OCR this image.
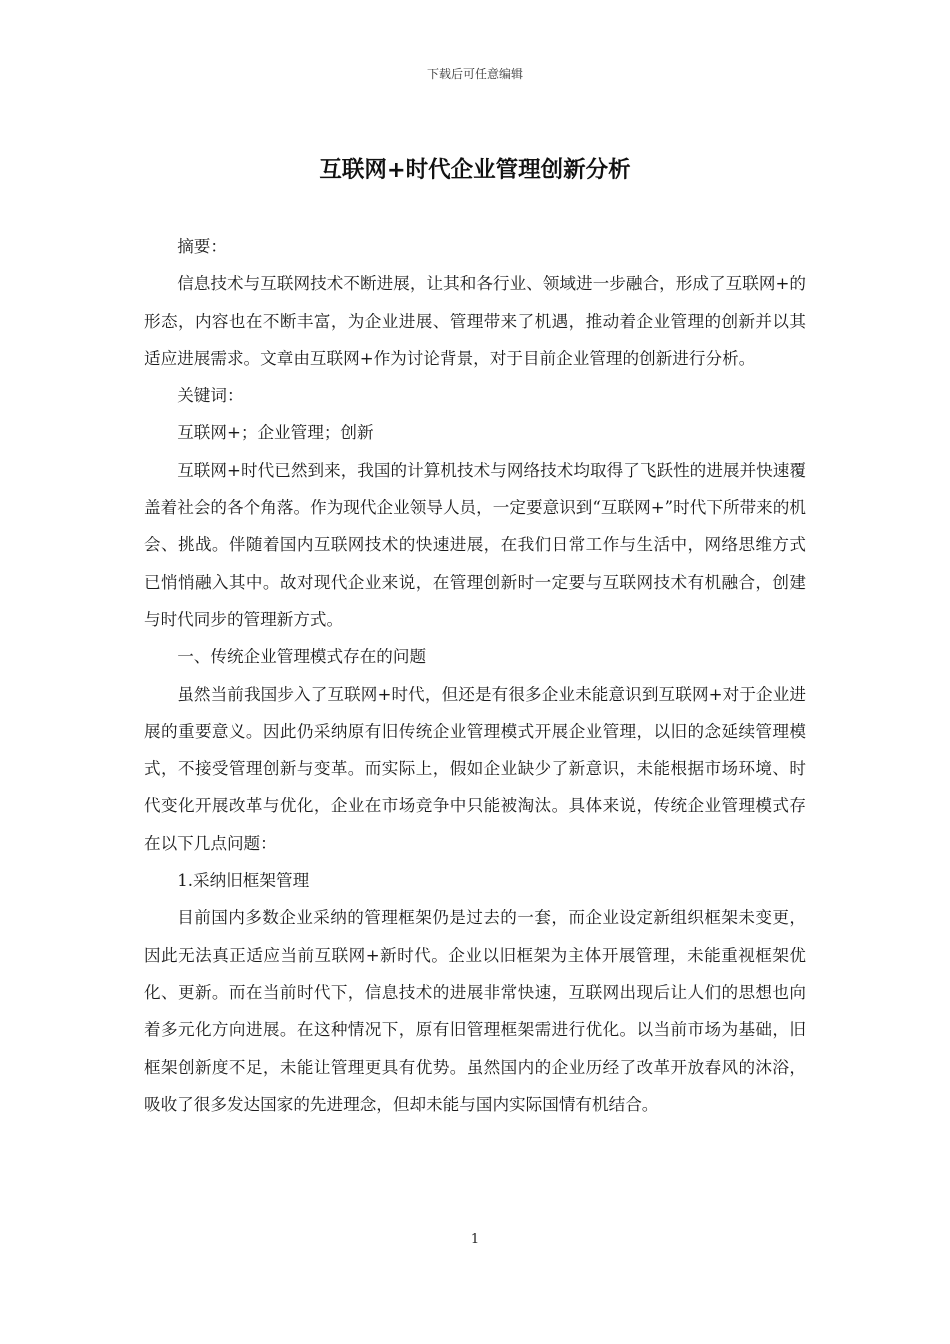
下载后可任意编辑
互联网+时代企业管理创新分析

摘要：

信息技术与互联网技术不断进展，让其和各行业、领域进一步融合，形成了互联网+的形态，内容也在不断丰富，为企业进展、管理带来了机遇，推动着企业管理的创新并以其适应进展需求。文章由互联网+作为讨论背景，对于目前企业管理的创新进行分析。

关键词：

互联网+；企业管理；创新

互联网+时代已然到来，我国的计算机技术与网络技术均取得了飞跃性的进展并快速覆盖着社会的各个角落。作为现代企业领导人员，一定要意识到“互联网+”时代下所带来的机会、挑战。伴随着国内互联网技术的快速进展，在我们日常工作与生活中，网络思维方式已悄悄融入其中。故对现代企业来说，在管理创新时一定要与互联网技术有机融合，创建与时代同步的管理新方式。

一、传统企业管理模式存在的问题

虽然当前我国步入了互联网+时代，但还是有很多企业未能意识到互联网+对于企业进展的重要意义。因此仍采纳原有旧传统企业管理模式开展企业管理，以旧的念延续管理模式，不接受管理创新与变革。而实际上，假如企业缺少了新意识，未能根据市场环境、时代变化开展改革与优化，企业在市场竞争中只能被淘汰。具体来说，传统企业管理模式存在以下几点问题：

1.采纳旧框架管理

目前国内多数企业采纳的管理框架仍是过去的一套，而企业设定新组织框架未变更，因此无法真正适应当前互联网+新时代。企业以旧框架为主体开展管理，未能重视框架优化、更新。而在当前时代下，信息技术的进展非常快速，互联网出现后让人们的思想也向着多元化方向进展。在这种情况下，原有旧管理框架需进行优化。以当前市场为基础，旧框架创新度不足，未能让管理更具有优势。虽然国内的企业历经了改革开放春风的沐浴，吸收了很多发达国家的先进理念，但却未能与国内实际国情有机结合。

1
